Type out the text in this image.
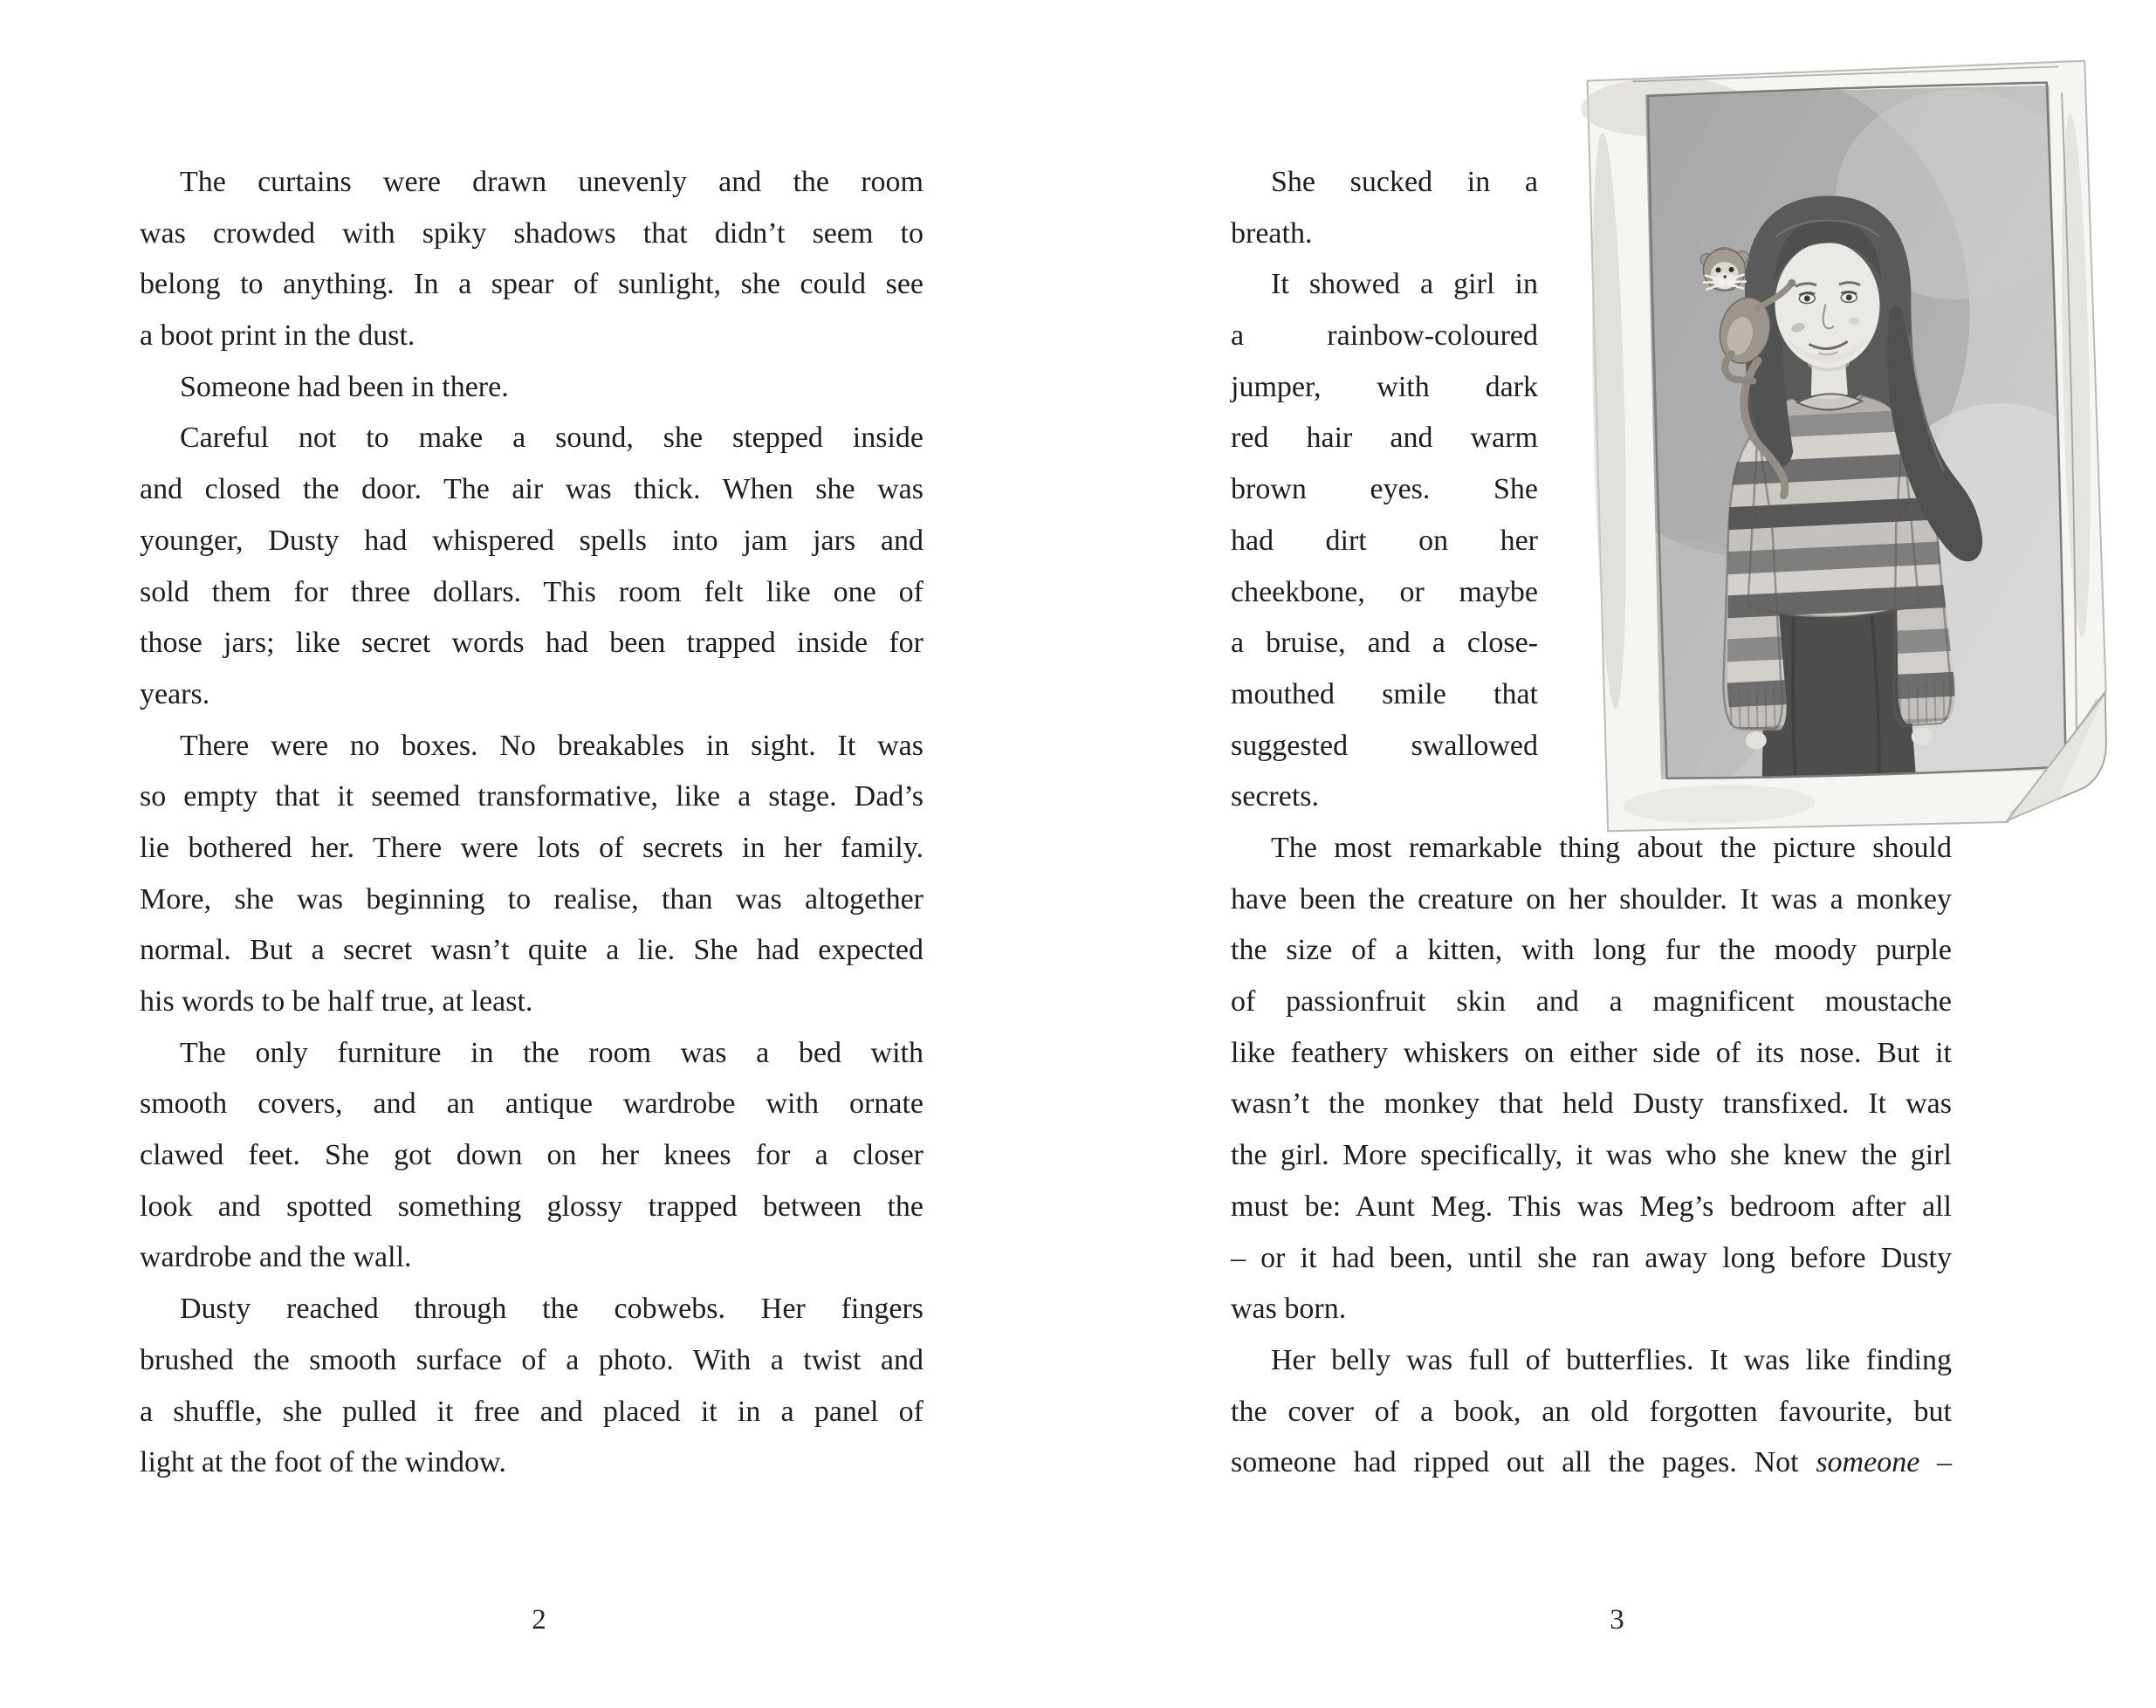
The curtains were drawn unevenly and the room
was crowded with spiky shadows that didn’t seem to
belong to anything. In a spear of sunlight, she could see
a boot print in the dust.
Someone had been in there.
Careful not to make a sound, she stepped inside
and closed the door. The air was thick. When she was
younger, Dusty had whispered spells into jam jars and
sold them for three dollars. This room felt like one of
those jars; like secret words had been trapped inside for
years.
There were no boxes. No breakables in sight. It was
so empty that it seemed transformative, like a stage. Dad’s
lie bothered her. There were lots of secrets in her family.
More, she was beginning to realise, than was altogether
normal. But a secret wasn’t quite a lie. She had expected
his words to be half true, at least.
The only furniture in the room was a bed with
smooth covers, and an antique wardrobe with ornate
clawed feet. She got down on her knees for a closer
look and spotted something glossy trapped between the
wardrobe and the wall.
Dusty reached through the cobwebs. Her fingers
brushed the smooth surface of a photo. With a twist and
a shuffle, she pulled it free and placed it in a panel of
light at the foot of the window.
2
She sucked in a
breath.
It showed a girl in
a rainbow-coloured
jumper, with dark
red hair and warm
brown eyes. She
had dirt on her
cheekbone, or maybe
a bruise, and a close-
mouthed smile that
suggested swallowed
secrets.
The most remarkable thing about the picture should
have been the creature on her shoulder. It was a monkey
the size of a kitten, with long fur the moody purple
of passionfruit skin and a magnificent moustache
like feathery whiskers on either side of its nose. But it
wasn’t the monkey that held Dusty transfixed. It was
the girl. More specifically, it was who she knew the girl
must be: Aunt Meg. This was Meg’s bedroom after all
– or it had been, until she ran away long before Dusty
was born.
Her belly was full of butterflies. It was like finding
the cover of a book, an old forgotten favourite, but
someone had ripped out all the pages. Not someone –
3
